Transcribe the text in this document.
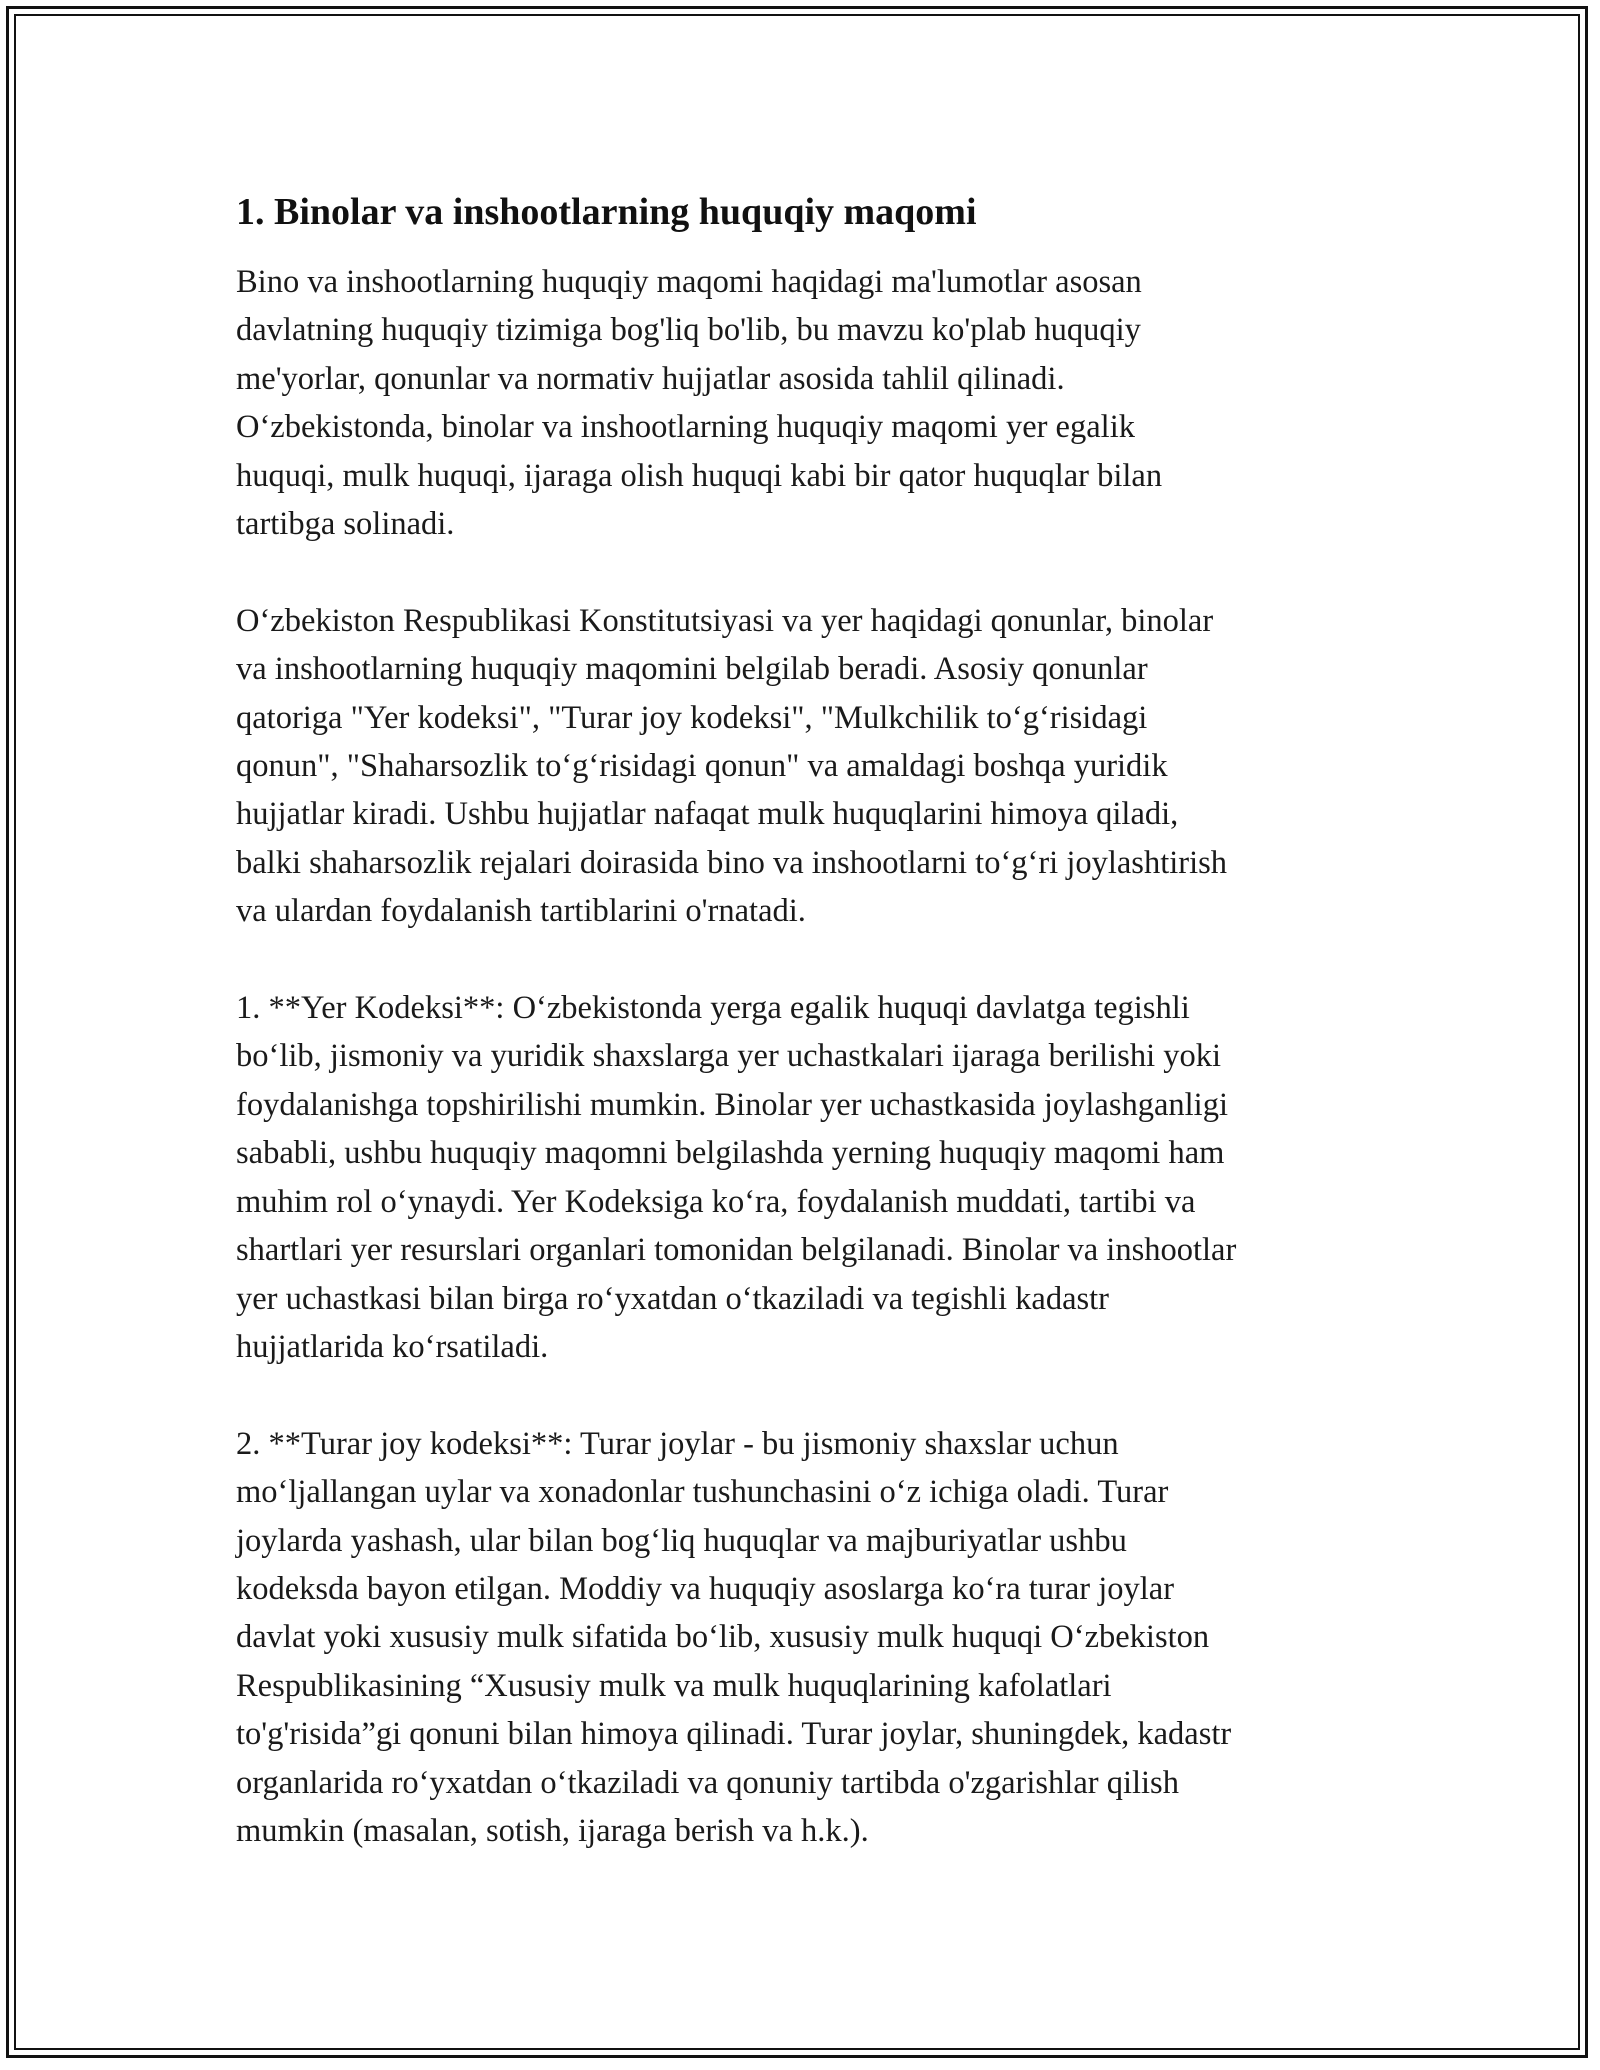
1. Binolar va inshootlarning huquqiy maqomi

Bino va inshootlarning huquqiy maqomi haqidagi ma'lumotlar asosan
davlatning huquqiy tizimiga bog'liq bo'lib, bu mavzu ko'plab huquqiy
me'yorlar, qonunlar va normativ hujjatlar asosida tahlil qilinadi.
Oʻzbekistonda, binolar va inshootlarning huquqiy maqomi yer egalik
huquqi, mulk huquqi, ijaraga olish huquqi kabi bir qator huquqlar bilan
tartibga solinadi.

Oʻzbekiston Respublikasi Konstitutsiyasi va yer haqidagi qonunlar, binolar
va inshootlarning huquqiy maqomini belgilab beradi. Asosiy qonunlar
qatoriga "Yer kodeksi", "Turar joy kodeksi", "Mulkchilik toʻgʻrisidagi
qonun", "Shaharsozlik toʻgʻrisidagi qonun" va amaldagi boshqa yuridik
hujjatlar kiradi. Ushbu hujjatlar nafaqat mulk huquqlarini himoya qiladi,
balki shaharsozlik rejalari doirasida bino va inshootlarni toʻgʻri joylashtirish
va ulardan foydalanish tartiblarini o'rnatadi.

1. **Yer Kodeksi**: Oʻzbekistonda yerga egalik huquqi davlatga tegishli
boʻlib, jismoniy va yuridik shaxslarga yer uchastkalari ijaraga berilishi yoki
foydalanishga topshirilishi mumkin. Binolar yer uchastkasida joylashganligi
sababli, ushbu huquqiy maqomni belgilashda yerning huquqiy maqomi ham
muhim rol oʻynaydi. Yer Kodeksiga koʻra, foydalanish muddati, tartibi va
shartlari yer resurslari organlari tomonidan belgilanadi. Binolar va inshootlar
yer uchastkasi bilan birga roʻyxatdan oʻtkaziladi va tegishli kadastr
hujjatlarida koʻrsatiladi.

2. **Turar joy kodeksi**: Turar joylar - bu jismoniy shaxslar uchun
moʻljallangan uylar va xonadonlar tushunchasini oʻz ichiga oladi. Turar
joylarda yashash, ular bilan bogʻliq huquqlar va majburiyatlar ushbu
kodeksda bayon etilgan. Moddiy va huquqiy asoslarga koʻra turar joylar
davlat yoki xususiy mulk sifatida boʻlib, xususiy mulk huquqi Oʻzbekiston
Respublikasining “Xususiy mulk va mulk huquqlarining kafolatlari
to'g'risida”gi qonuni bilan himoya qilinadi. Turar joylar, shuningdek, kadastr
organlarida roʻyxatdan oʻtkaziladi va qonuniy tartibda o'zgarishlar qilish
mumkin (masalan, sotish, ijaraga berish va h.k.).
